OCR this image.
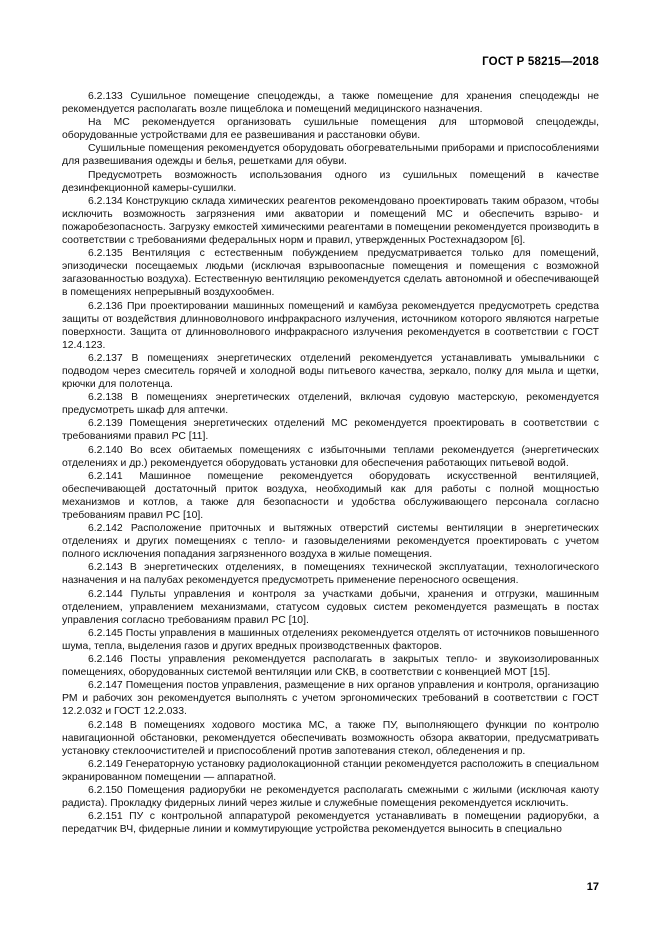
ГОСТ Р 58215—2018

6.2.133 Сушильное помещение спецодежды, а также помещение для хранения спецодежды не рекомендуется располагать возле пищеблока и помещений медицинского назначения.

На МС рекомендуется организовать сушильные помещения для штормовой спецодежды, оборудованные устройствами для ее развешивания и расстановки обуви.

Сушильные помещения рекомендуется оборудовать обогревательными приборами и приспособлениями для развешивания одежды и белья, решетками для обуви.

Предусмотреть возможность использования одного из сушильных помещений в качестве дезинфекционной камеры-сушилки.

6.2.134 Конструкцию склада химических реагентов рекомендовано проектировать таким образом, чтобы исключить возможность загрязнения ими акватории и помещений МС и обеспечить взрыво- и пожаробезопасность. Загрузку емкостей химическими реагентами в помещении рекомендуется производить в соответствии с требованиями федеральных норм и правил, утвержденных Ростехнадзором [6].

6.2.135 Вентиляция с естественным побуждением предусматривается только для помещений, эпизодически посещаемых людьми (исключая взрывоопасные помещения и помещения с возможной загазованностью воздуха). Естественную вентиляцию рекомендуется сделать автономной и обеспечивающей в помещениях непрерывный воздухообмен.

6.2.136 При проектировании машинных помещений и камбуза рекомендуется предусмотреть средства защиты от воздействия длинноволнового инфракрасного излучения, источником которого являются нагретые поверхности. Защита от длинноволнового инфракрасного излучения рекомендуется в соответствии с ГОСТ 12.4.123.

6.2.137 В помещениях энергетических отделений рекомендуется устанавливать умывальники с подводом через смеситель горячей и холодной воды питьевого качества, зеркало, полку для мыла и щетки, крючки для полотенца.

6.2.138 В помещениях энергетических отделений, включая судовую мастерскую, рекомендуется предусмотреть шкаф для аптечки.

6.2.139 Помещения энергетических отделений МС рекомендуется проектировать в соответствии с требованиями правил РС [11].

6.2.140 Во всех обитаемых помещениях с избыточными теплами рекомендуется (энергетических отделениях и др.) рекомендуется оборудовать установки для обеспечения работающих питьевой водой.

6.2.141 Машинное помещение рекомендуется оборудовать искусственной вентиляцией, обеспечивающей достаточный приток воздуха, необходимый как для работы с полной мощностью механизмов и котлов, а также для безопасности и удобства обслуживающего персонала согласно требованиям правил РС [10].

6.2.142 Расположение приточных и вытяжных отверстий системы вентиляции в энергетических отделениях и других помещениях с тепло- и газовыделениями рекомендуется проектировать с учетом полного исключения попадания загрязненного воздуха в жилые помещения.

6.2.143 В энергетических отделениях, в помещениях технической эксплуатации, технологического назначения и на палубах рекомендуется предусмотреть применение переносного освещения.

6.2.144 Пульты управления и контроля за участками добычи, хранения и отгрузки, машинным отделением, управлением механизмами, статусом судовых систем рекомендуется размещать в постах управления согласно требованиям правил РС [10].

6.2.145 Посты управления в машинных отделениях рекомендуется отделять от источников повышенного шума, тепла, выделения газов и других вредных производственных факторов.

6.2.146 Посты управления рекомендуется располагать в закрытых тепло- и звукоизолированных помещениях, оборудованных системой вентиляции или СКВ, в соответствии с конвенцией МОТ [15].

6.2.147 Помещения постов управления, размещение в них органов управления и контроля, организацию РМ и рабочих зон рекомендуется выполнять с учетом эргономических требований в соответствии с ГОСТ 12.2.032 и ГОСТ 12.2.033.

6.2.148 В помещениях ходового мостика МС, а также ПУ, выполняющего функции по контролю навигационной обстановки, рекомендуется обеспечивать возможность обзора акватории, предусматривать установку стеклоочистителей и приспособлений против запотевания стекол, обледенения и пр.

6.2.149 Генераторную установку радиолокационной станции рекомендуется расположить в специальном экранированном помещении — аппаратной.

6.2.150 Помещения радиорубки не рекомендуется располагать смежными с жилыми (исключая каюту радиста). Прокладку фидерных линий через жилые и служебные помещения рекомендуется исключить.

6.2.151 ПУ с контрольной аппаратурой рекомендуется устанавливать в помещении радиорубки, а передатчик ВЧ, фидерные линии и коммутирующие устройства рекомендуется выносить в специально

17
